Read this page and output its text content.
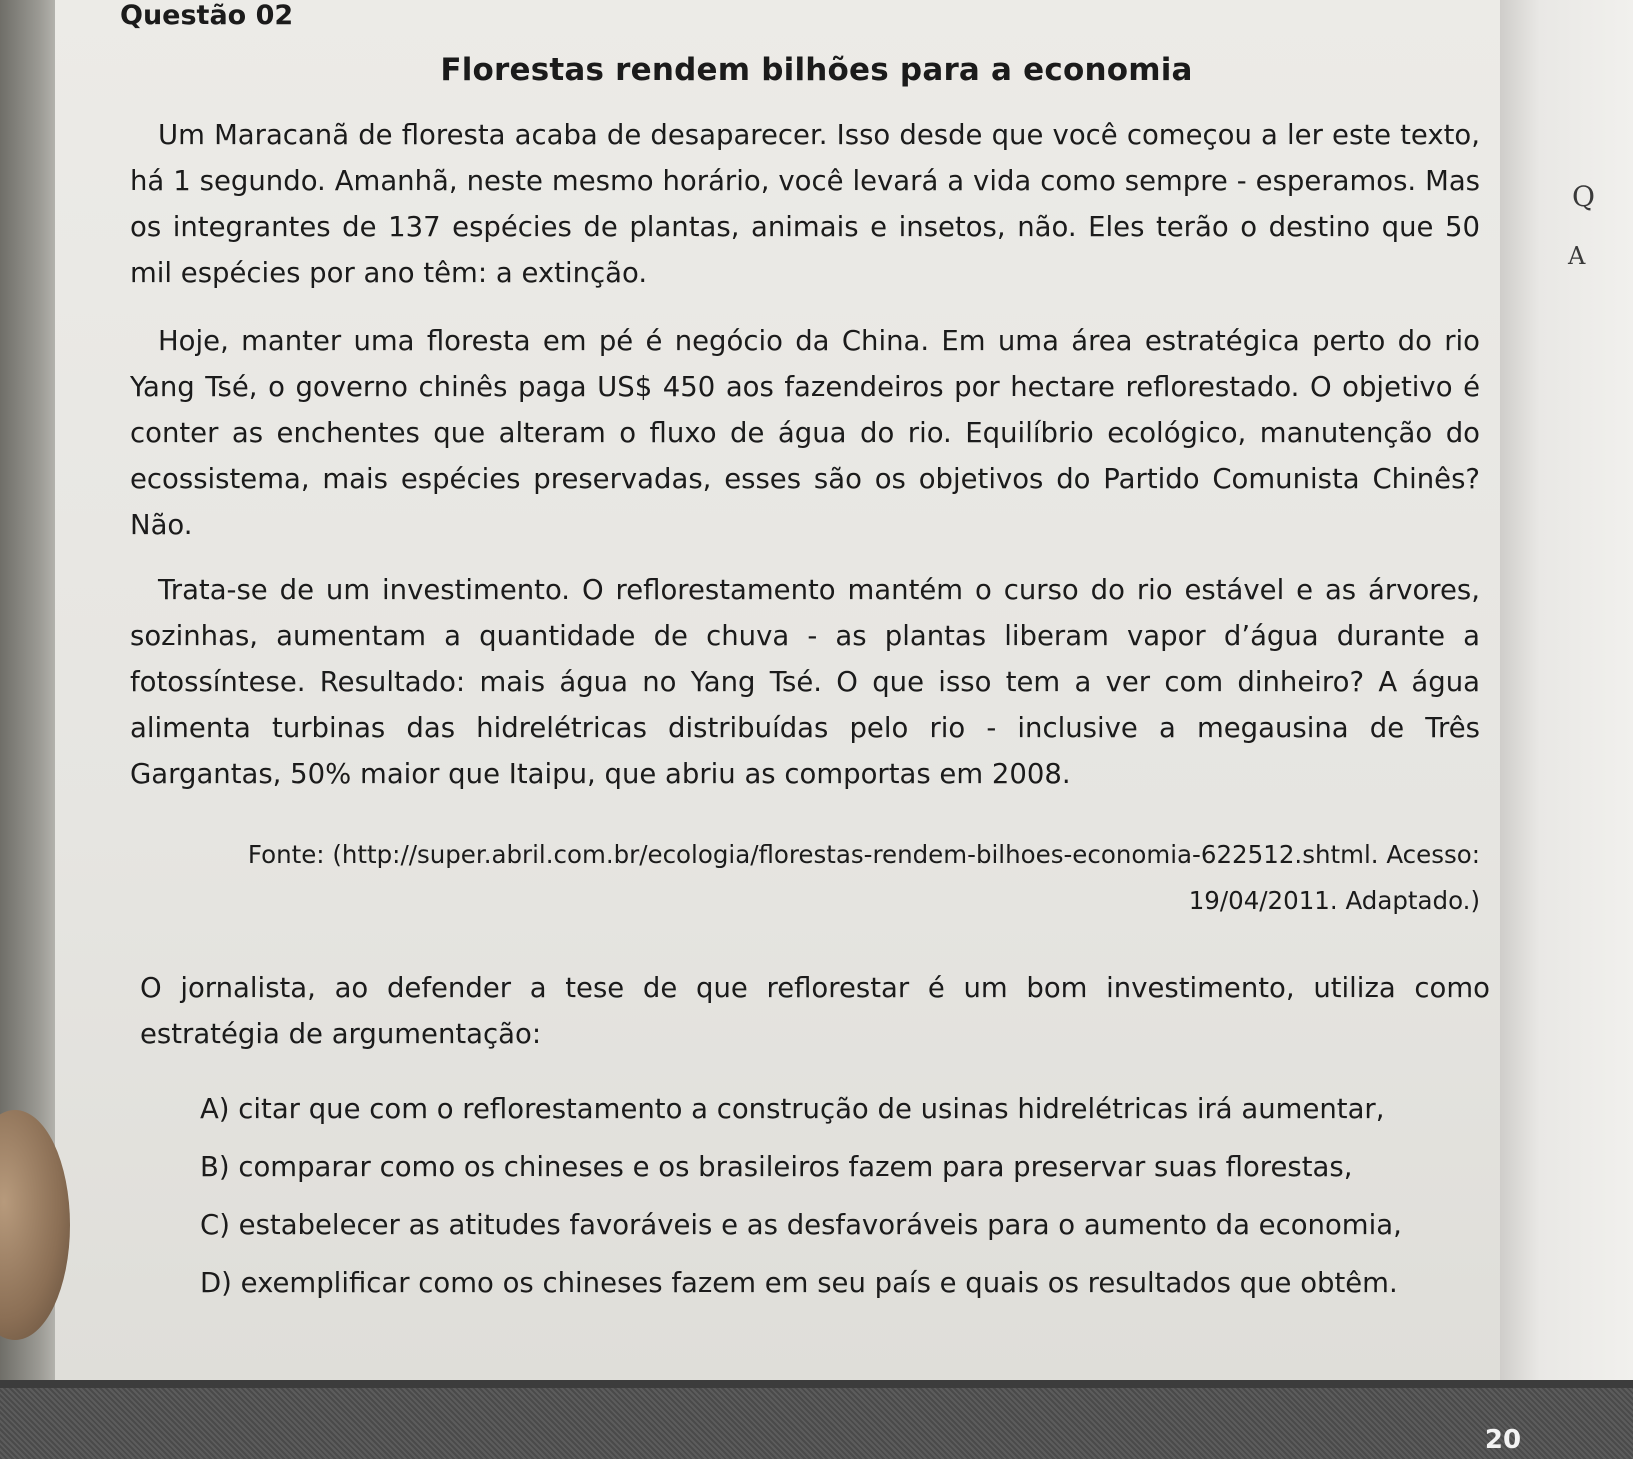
Q
A
Questão 02
Florestas rendem bilhões para a economia

Um Maracanã de floresta acaba de desaparecer. Isso desde que você começou a ler este texto, há 1 segundo. Amanhã, neste mesmo horário, você levará a vida como sempre - esperamos. Mas os integrantes de 137 espécies de plantas, animais e insetos, não. Eles terão o destino que 50 mil espécies por ano têm: a extinção.

Hoje, manter uma floresta em pé é negócio da China. Em uma área estratégica perto do rio Yang Tsé, o governo chinês paga US$ 450 aos fazendeiros por hectare reflorestado. O objetivo é conter as enchentes que alteram o fluxo de água do rio. Equilíbrio ecológico, manutenção do ecossistema, mais espécies preservadas, esses são os objetivos do Partido Comunista Chinês? Não.

Trata-se de um investimento. O reflorestamento mantém o curso do rio estável e as árvores, sozinhas, aumentam a quantidade de chuva - as plantas liberam vapor d’água durante a fotossíntese. Resultado: mais água no Yang Tsé. O que isso tem a ver com dinheiro? A água alimenta turbinas das hidrelétricas distribuídas pelo rio - inclusive a megausina de Três Gargantas, 50% maior que Itaipu, que abriu as comportas em 2008.

Fonte: (http://super.abril.com.br/ecologia/florestas-rendem-bilhoes-economia-622512.shtml. Acesso:
19/04/2011. Adaptado.)

O jornalista, ao defender a tese de que reflorestar é um bom investimento, utiliza como estratégia de argumentação:

A) citar que com o reflorestamento a construção de usinas hidrelétricas irá aumentar,
B) comparar como os chineses e os brasileiros fazem para preservar suas florestas,
C) estabelecer as atitudes favoráveis e as desfavoráveis para o aumento da economia,
D) exemplificar como os chineses fazem em seu país e quais os resultados que obtêm.
20
